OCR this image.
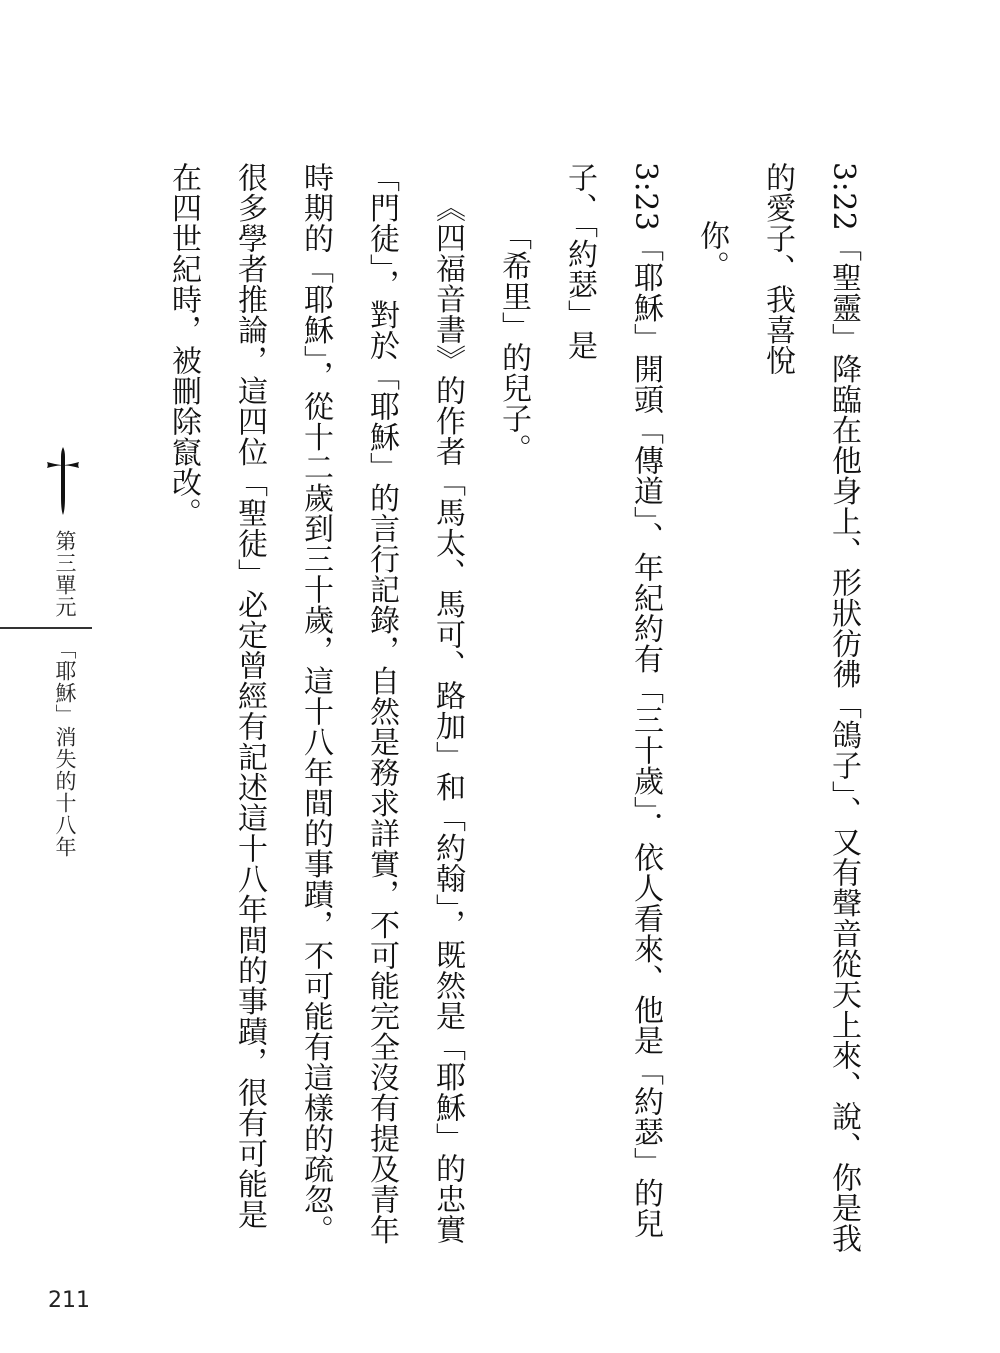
3:22「聖靈」降臨在他身上、形狀彷彿「鴿子」、又有聲音從天上來、說、你是我的愛子、我喜悅

你。

3:23「耶穌」開頭「傳道」、年紀約有「三十歲」．依人看來、他是「約瑟」的兒子、「約瑟」是

「希里」的兒子。

《四福音書》的作者「馬太、馬可、路加」和「約翰」，既然是「耶穌」的忠實「門徒」，對於「耶穌」的言行記錄，自然是務求詳實，不可能完全沒有提及青年時期的「耶穌」，從十二歲到三十歲，這十八年間的事蹟，不可能有這樣的疏忽。很多學者推論，這四位「聖徒」必定曾經有記述這十八年間的事蹟，很有可能是在四世紀時，被刪除竄改。

第三單元
「耶穌」消失的十八年
211
